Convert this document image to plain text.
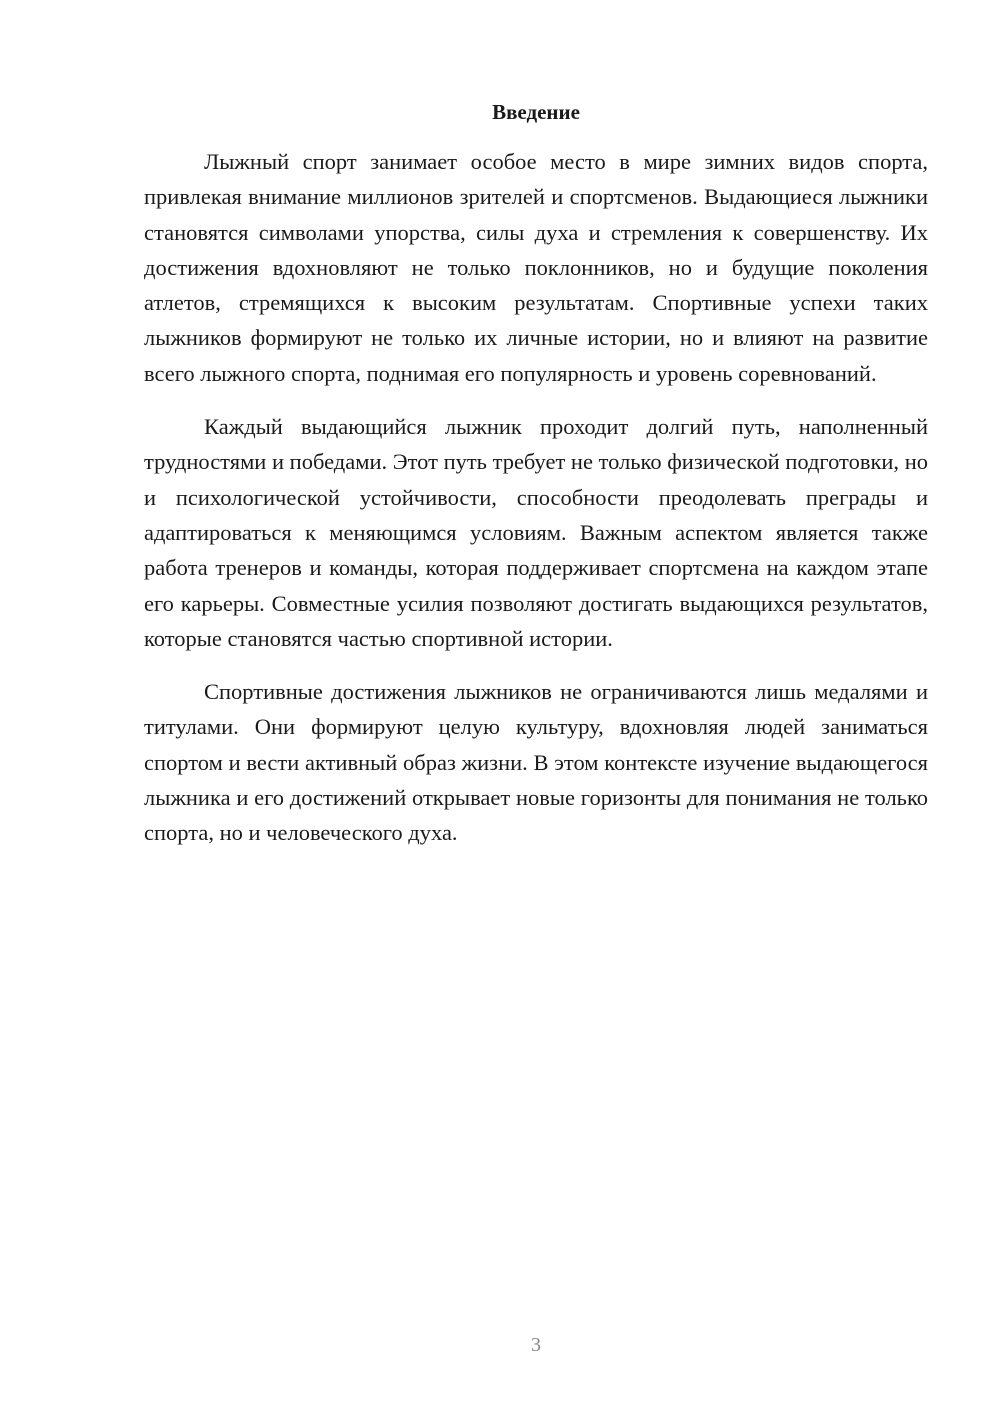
Введение

Лыжный спорт занимает особое место в мире зимних видов спорта, привлекая внимание миллионов зрителей и спортсменов. Выдающиеся лыжники становятся символами упорства, силы духа и стремления к совершенству. Их достижения вдохновляют не только поклонников, но и будущие поколения атлетов, стремящихся к высоким результатам. Спортивные успехи таких лыжников формируют не только их личные истории, но и влияют на развитие всего лыжного спорта, поднимая его популярность и уровень соревнований.

Каждый выдающийся лыжник проходит долгий путь, наполненный трудностями и победами. Этот путь требует не только физической подготовки, но и психологической устойчивости, способности преодолевать преграды и адаптироваться к меняющимся условиям. Важным аспектом является также работа тренеров и команды, которая поддерживает спортсмена на каждом этапе его карьеры. Совместные усилия позволяют достигать выдающихся результатов, которые становятся частью спортивной истории.

Спортивные достижения лыжников не ограничиваются лишь медалями и титулами. Они формируют целую культуру, вдохновляя людей заниматься спортом и вести активный образ жизни. В этом контексте изучение выдающегося лыжника и его достижений открывает новые горизонты для понимания не только спорта, но и человеческого духа.

3
